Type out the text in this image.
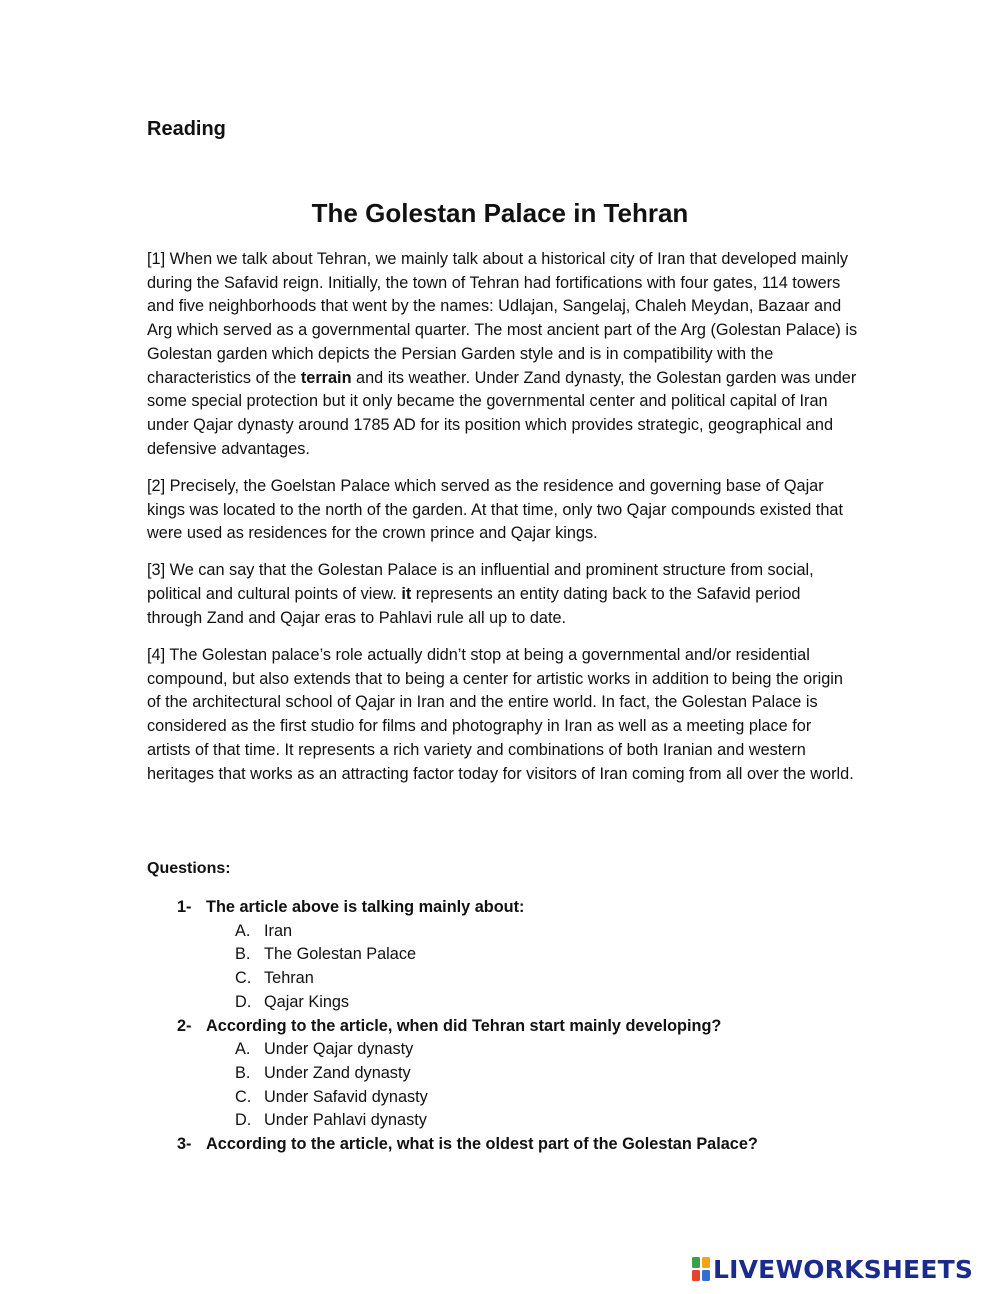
Reading
The Golestan Palace in Tehran

[1] When we talk about Tehran, we mainly talk about a historical city of Iran that developed mainly during the Safavid reign. Initially, the town of Tehran had fortifications with four gates, 114 towers and five neighborhoods that went by the names: Udlajan, Sangelaj, Chaleh Meydan, Bazaar and Arg which served as a governmental quarter. The most ancient part of the Arg (Golestan Palace) is Golestan garden which depicts the Persian Garden style and is in compatibility with the characteristics of the terrain and its weather. Under Zand dynasty, the Golestan garden was under some special protection but it only became the governmental center and political capital of Iran under Qajar dynasty around 1785 AD for its position which provides strategic, geographical and defensive advantages.

[2] Precisely, the Goelstan Palace which served as the residence and governing base of Qajar kings was located to the north of the garden. At that time, only two Qajar compounds existed that were used as residences for the crown prince and Qajar kings.

[3] We can say that the Golestan Palace is an influential and prominent structure from social, political and cultural points of view. it represents an entity dating back to the Safavid period through Zand and Qajar eras to Pahlavi rule all up to date.

[4] The Golestan palace’s role actually didn’t stop at being a governmental and/or residential compound, but also extends that to being a center for artistic works in addition to being the origin of the architectural school of Qajar in Iran and the entire world. In fact, the Golestan Palace is considered as the first studio for films and photography in Iran as well as a meeting place for artists of that time. It represents a rich variety and combinations of both Iranian and western heritages that works as an attracting factor today for visitors of Iran coming from all over the world.

Questions:
1- The article above is talking mainly about:
A. Iran
B. The Golestan Palace
C. Tehran
D. Qajar Kings
2- According to the article, when did Tehran start mainly developing?
A. Under Qajar dynasty
B. Under Zand dynasty
C. Under Safavid dynasty
D. Under Pahlavi dynasty
3- According to the article, what is the oldest part of the Golestan Palace?
LIVEWORKSHEETS
